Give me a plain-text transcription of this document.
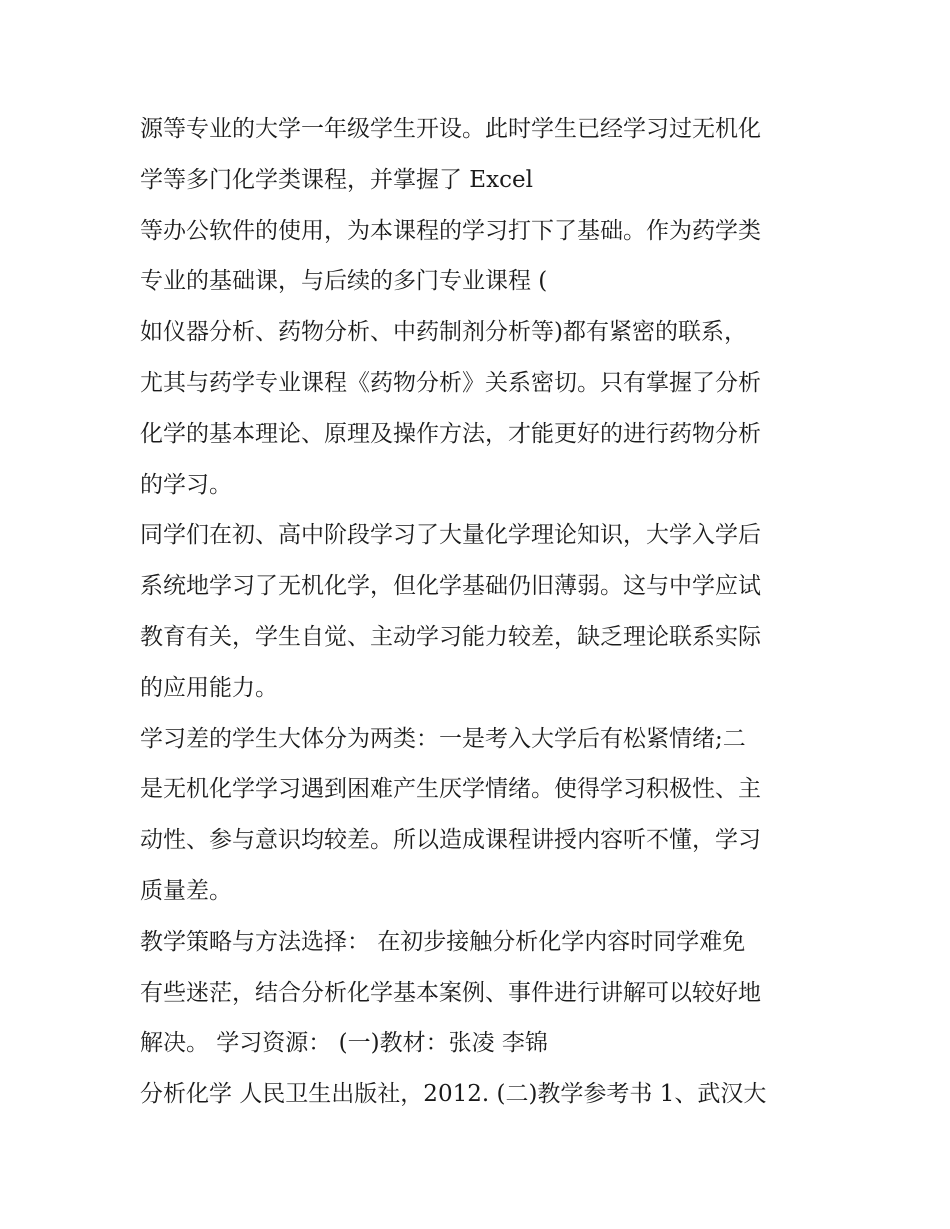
源等专业的大学一年级学生开设。此时学生已经学习过无机化
学等多门化学类课程，并掌握了 Excel
等办公软件的使用，为本课程的学习打下了基础。作为药学类
专业的基础课，与后续的多门专业课程 (
如仪器分析、药物分析、中药制剂分析等)都有紧密的联系，
尤其与药学专业课程《药物分析》关系密切。只有掌握了分析
化学的基本理论、原理及操作方法，才能更好的进行药物分析
的学习。
同学们在初、高中阶段学习了大量化学理论知识，大学入学后
系统地学习了无机化学，但化学基础仍旧薄弱。这与中学应试
教育有关，学生自觉、主动学习能力较差，缺乏理论联系实际
的应用能力。
学习差的学生大体分为两类：一是考入大学后有松紧情绪;二
是无机化学学习遇到困难产生厌学情绪。使得学习积极性、主
动性、参与意识均较差。所以造成课程讲授内容听不懂，学习
质量差。
教学策略与方法选择： 在初步接触分析化学内容时同学难免
有些迷茫，结合分析化学基本案例、事件进行讲解可以较好地
解决。 学习资源： (一)教材：张凌 李锦
分析化学 人民卫生出版社，2012. (二)教学参考书 1、武汉大
